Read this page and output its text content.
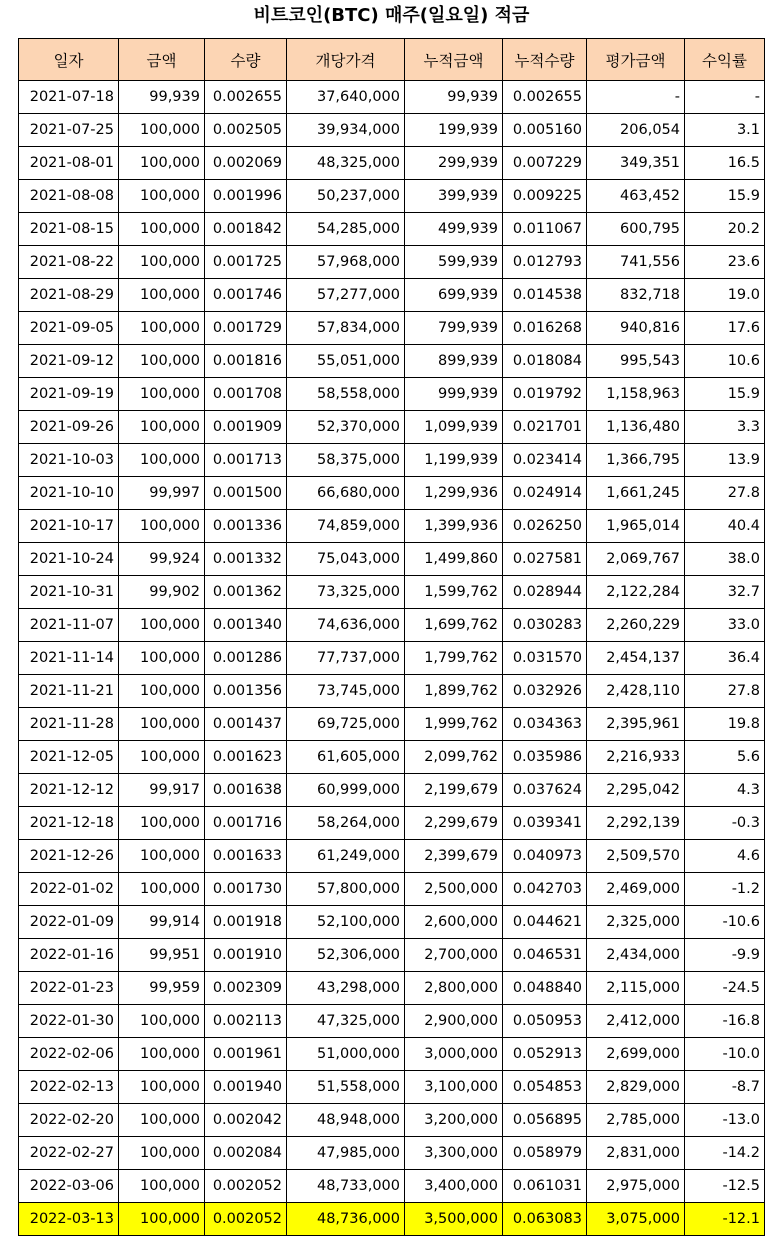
비트코인(BTC) 매주(일요일) 적금
일자	금액	수량	개당가격	누적금액	누적수량	평가금액	수익률
2021-07-18	99,939	0.002655	37,640,000	99,939	0.002655	-	-
2021-07-25	100,000	0.002505	39,934,000	199,939	0.005160	206,054	3.1
2021-08-01	100,000	0.002069	48,325,000	299,939	0.007229	349,351	16.5
2021-08-08	100,000	0.001996	50,237,000	399,939	0.009225	463,452	15.9
2021-08-15	100,000	0.001842	54,285,000	499,939	0.011067	600,795	20.2
2021-08-22	100,000	0.001725	57,968,000	599,939	0.012793	741,556	23.6
2021-08-29	100,000	0.001746	57,277,000	699,939	0.014538	832,718	19.0
2021-09-05	100,000	0.001729	57,834,000	799,939	0.016268	940,816	17.6
2021-09-12	100,000	0.001816	55,051,000	899,939	0.018084	995,543	10.6
2021-09-19	100,000	0.001708	58,558,000	999,939	0.019792	1,158,963	15.9
2021-09-26	100,000	0.001909	52,370,000	1,099,939	0.021701	1,136,480	3.3
2021-10-03	100,000	0.001713	58,375,000	1,199,939	0.023414	1,366,795	13.9
2021-10-10	99,997	0.001500	66,680,000	1,299,936	0.024914	1,661,245	27.8
2021-10-17	100,000	0.001336	74,859,000	1,399,936	0.026250	1,965,014	40.4
2021-10-24	99,924	0.001332	75,043,000	1,499,860	0.027581	2,069,767	38.0
2021-10-31	99,902	0.001362	73,325,000	1,599,762	0.028944	2,122,284	32.7
2021-11-07	100,000	0.001340	74,636,000	1,699,762	0.030283	2,260,229	33.0
2021-11-14	100,000	0.001286	77,737,000	1,799,762	0.031570	2,454,137	36.4
2021-11-21	100,000	0.001356	73,745,000	1,899,762	0.032926	2,428,110	27.8
2021-11-28	100,000	0.001437	69,725,000	1,999,762	0.034363	2,395,961	19.8
2021-12-05	100,000	0.001623	61,605,000	2,099,762	0.035986	2,216,933	5.6
2021-12-12	99,917	0.001638	60,999,000	2,199,679	0.037624	2,295,042	4.3
2021-12-18	100,000	0.001716	58,264,000	2,299,679	0.039341	2,292,139	-0.3
2021-12-26	100,000	0.001633	61,249,000	2,399,679	0.040973	2,509,570	4.6
2022-01-02	100,000	0.001730	57,800,000	2,500,000	0.042703	2,469,000	-1.2
2022-01-09	99,914	0.001918	52,100,000	2,600,000	0.044621	2,325,000	-10.6
2022-01-16	99,951	0.001910	52,306,000	2,700,000	0.046531	2,434,000	-9.9
2022-01-23	99,959	0.002309	43,298,000	2,800,000	0.048840	2,115,000	-24.5
2022-01-30	100,000	0.002113	47,325,000	2,900,000	0.050953	2,412,000	-16.8
2022-02-06	100,000	0.001961	51,000,000	3,000,000	0.052913	2,699,000	-10.0
2022-02-13	100,000	0.001940	51,558,000	3,100,000	0.054853	2,829,000	-8.7
2022-02-20	100,000	0.002042	48,948,000	3,200,000	0.056895	2,785,000	-13.0
2022-02-27	100,000	0.002084	47,985,000	3,300,000	0.058979	2,831,000	-14.2
2022-03-06	100,000	0.002052	48,733,000	3,400,000	0.061031	2,975,000	-12.5
2022-03-13	100,000	0.002052	48,736,000	3,500,000	0.063083	3,075,000	-12.1
